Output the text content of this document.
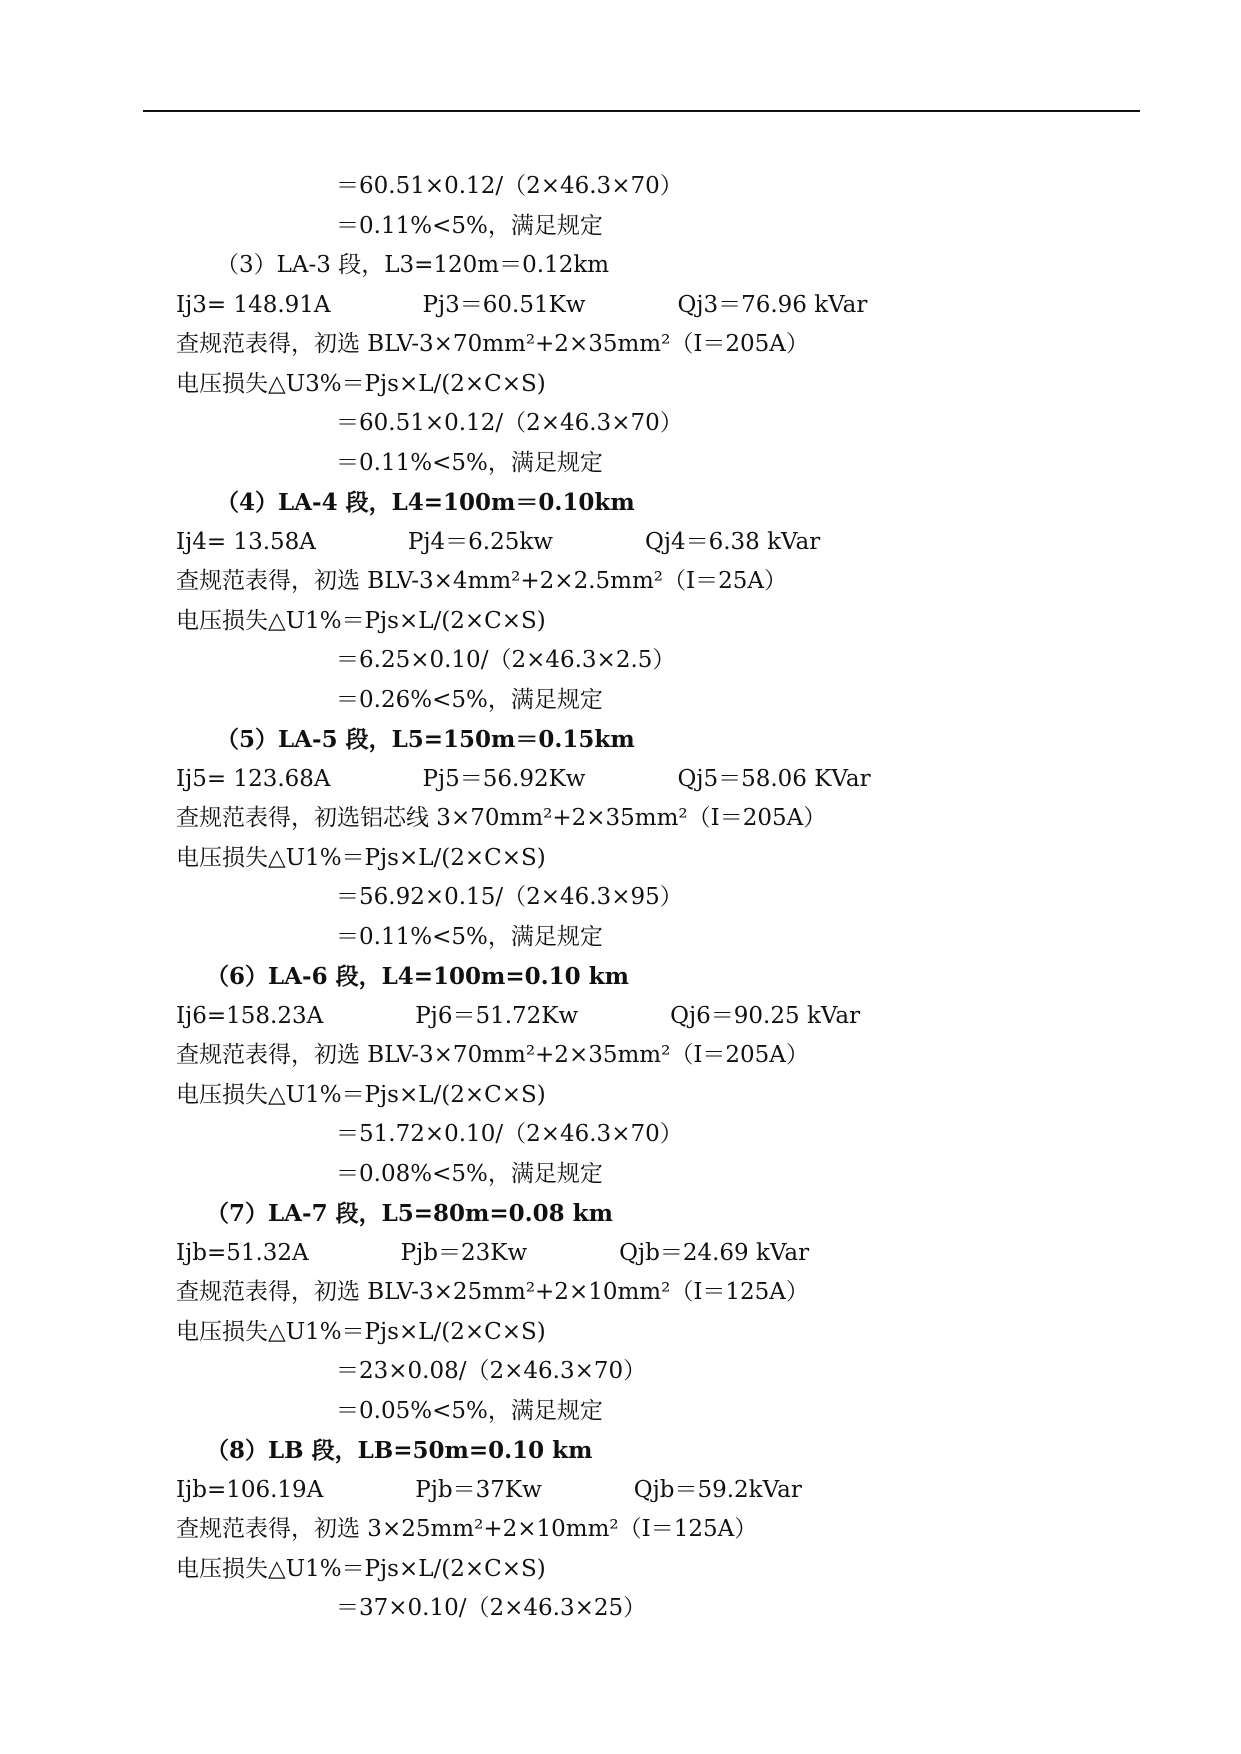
＝60.51×0.12/（2×46.3×70）
＝0.11%<5%，满足规定
（3）LA-3 段，L3=120m＝0.12km
Ij3= 148.91A　　　　Pj3＝60.51Kw　　　　Qj3＝76.96 kVar
查规范表得，初选 BLV-3×70mm²+2×35mm²（I＝205A）
电压损失△U3%＝Pjs×L/(2×C×S)
＝60.51×0.12/（2×46.3×70）
＝0.11%<5%，满足规定
（4）LA-4 段，L4=100m＝0.10km
Ij4= 13.58A　　　　Pj4＝6.25kw　　　　Qj4＝6.38 kVar
查规范表得，初选 BLV-3×4mm²+2×2.5mm²（I＝25A）
电压损失△U1%＝Pjs×L/(2×C×S)
＝6.25×0.10/（2×46.3×2.5）
＝0.26%<5%，满足规定
（5）LA-5 段，L5=150m＝0.15km
Ij5= 123.68A　　　　Pj5＝56.92Kw　　　　Qj5＝58.06 KVar
查规范表得，初选铝芯线 3×70mm²+2×35mm²（I＝205A）
电压损失△U1%＝Pjs×L/(2×C×S)
＝56.92×0.15/（2×46.3×95）
＝0.11%<5%，满足规定
（6）LA-6 段，L4=100m=0.10 km
Ij6=158.23A　　　　Pj6＝51.72Kw　　　　Qj6＝90.25 kVar
查规范表得，初选 BLV-3×70mm²+2×35mm²（I＝205A）
电压损失△U1%＝Pjs×L/(2×C×S)
＝51.72×0.10/（2×46.3×70）
＝0.08%<5%，满足规定
（7）LA-7 段，L5=80m=0.08 km
Ijb=51.32A　　　　Pjb＝23Kw　　　　Qjb＝24.69 kVar
查规范表得，初选 BLV-3×25mm²+2×10mm²（I＝125A）
电压损失△U1%＝Pjs×L/(2×C×S)
＝23×0.08/（2×46.3×70）
＝0.05%<5%，满足规定
（8）LB 段，LB=50m=0.10 km
Ijb=106.19A　　　　Pjb＝37Kw　　　　Qjb＝59.2kVar
查规范表得，初选 3×25mm²+2×10mm²（I＝125A）
电压损失△U1%＝Pjs×L/(2×C×S)
＝37×0.10/（2×46.3×25）
